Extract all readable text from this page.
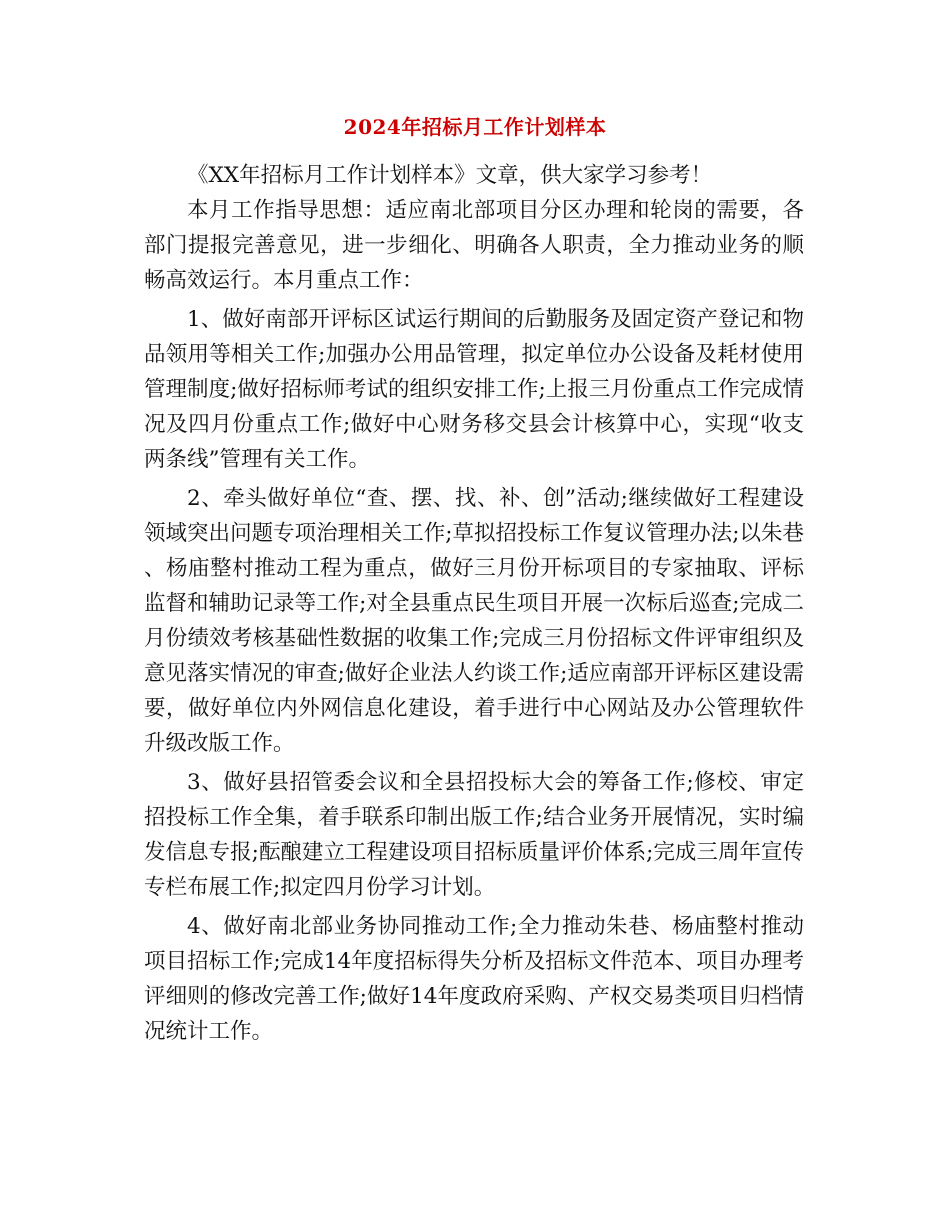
2024年招标月工作计划样本

《XX年招标月工作计划样本》文章，供大家学习参考！

本月工作指导思想：适应南北部项目分区办理和轮岗的需要，各部门提报完善意见，进一步细化、明确各人职责，全力推动业务的顺畅高效运行。本月重点工作：

1、做好南部开评标区试运行期间的后勤服务及固定资产登记和物品领用等相关工作;加强办公用品管理，拟定单位办公设备及耗材使用管理制度;做好招标师考试的组织安排工作;上报三月份重点工作完成情况及四月份重点工作;做好中心财务移交县会计核算中心，实现“收支两条线”管理有关工作。

2、牵头做好单位“查、摆、找、补、创”活动;继续做好工程建设领域突出问题专项治理相关工作;草拟招投标工作复议管理办法;以朱巷、杨庙整村推动工程为重点，做好三月份开标项目的专家抽取、评标监督和辅助记录等工作;对全县重点民生项目开展一次标后巡查;完成二月份绩效考核基础性数据的收集工作;完成三月份招标文件评审组织及意见落实情况的审查;做好企业法人约谈工作;适应南部开评标区建设需要，做好单位内外网信息化建设，着手进行中心网站及办公管理软件升级改版工作。

3、做好县招管委会议和全县招投标大会的筹备工作;修校、审定招投标工作全集，着手联系印制出版工作;结合业务开展情况，实时编发信息专报;酝酿建立工程建设项目招标质量评价体系;完成三周年宣传专栏布展工作;拟定四月份学习计划。

4、做好南北部业务协同推动工作;全力推动朱巷、杨庙整村推动项目招标工作;完成14年度招标得失分析及招标文件范本、项目办理考评细则的修改完善工作;做好14年度政府采购、产权交易类项目归档情况统计工作。
